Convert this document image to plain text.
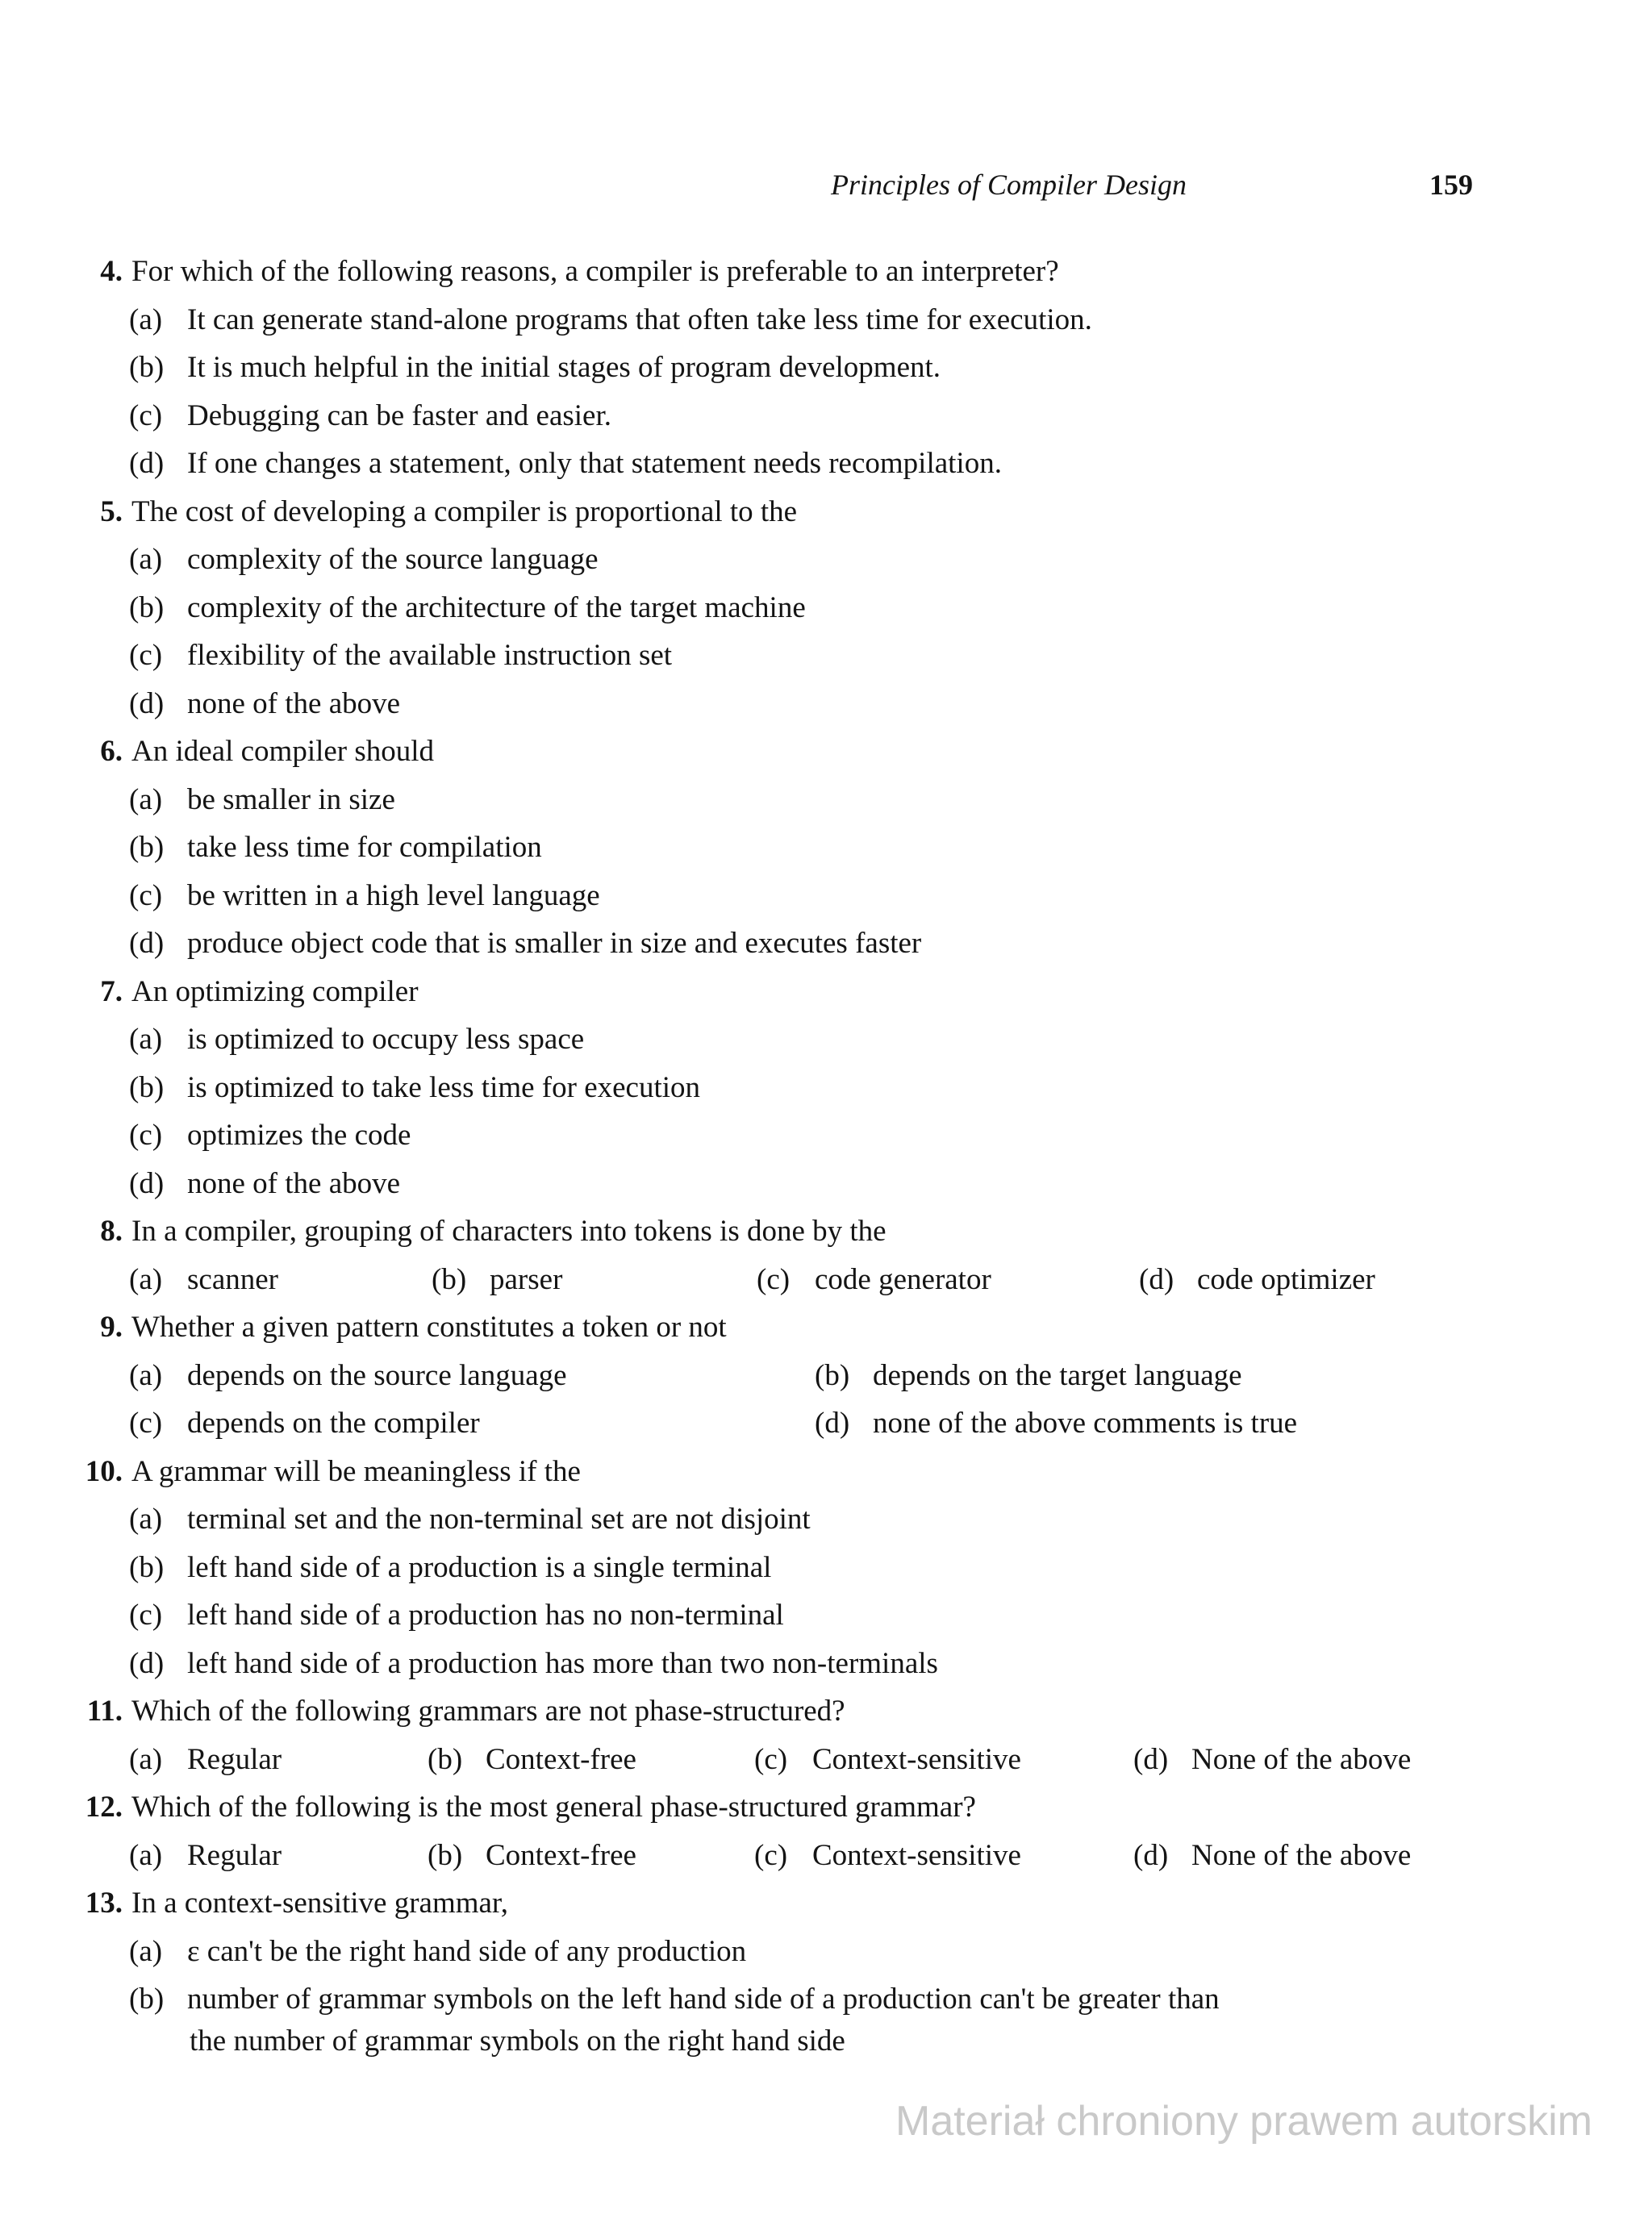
Principles of Compiler Design	159
4. For which of the following reasons, a compiler is preferable to an interpreter?
(a) It can generate stand-alone programs that often take less time for execution.
(b) It is much helpful in the initial stages of program development.
(c) Debugging can be faster and easier.
(d) If one changes a statement, only that statement needs recompilation.
5. The cost of developing a compiler is proportional to the
(a) complexity of the source language
(b) complexity of the architecture of the target machine
(c) flexibility of the available instruction set
(d) none of the above
6. An ideal compiler should
(a) be smaller in size
(b) take less time for compilation
(c) be written in a high level language
(d) produce object code that is smaller in size and executes faster
7. An optimizing compiler
(a) is optimized to occupy less space
(b) is optimized to take less time for execution
(c) optimizes the code
(d) none of the above
8. In a compiler, grouping of characters into tokens is done by the
(a) scanner	(b) parser	(c) code generator	(d) code optimizer
9. Whether a given pattern constitutes a token or not
(a) depends on the source language	(b) depends on the target language
(c) depends on the compiler	(d) none of the above comments is true
10. A grammar will be meaningless if the
(a) terminal set and the non-terminal set are not disjoint
(b) left hand side of a production is a single terminal
(c) left hand side of a production has no non-terminal
(d) left hand side of a production has more than two non-terminals
11. Which of the following grammars are not phase-structured?
(a) Regular	(b) Context-free	(c) Context-sensitive	(d) None of the above
12. Which of the following is the most general phase-structured grammar?
(a) Regular	(b) Context-free	(c) Context-sensitive	(d) None of the above
13. In a context-sensitive grammar,
(a) ε can't be the right hand side of any production
(b) number of grammar symbols on the left hand side of a production can't be greater than
the number of grammar symbols on the right hand side
Materiał chroniony prawem autorskim
